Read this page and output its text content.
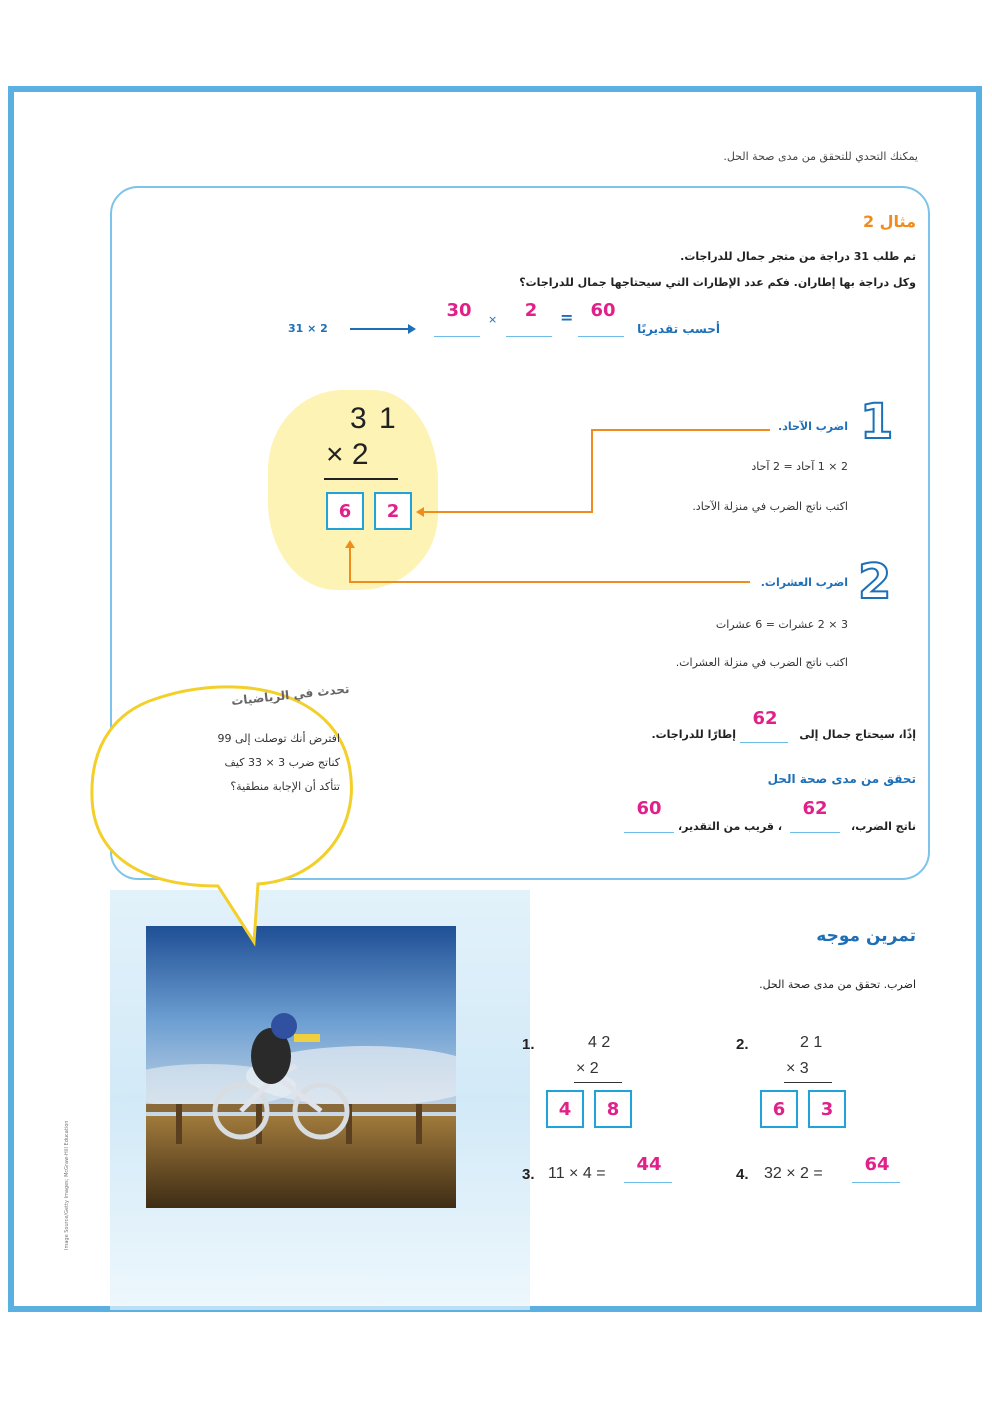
يمكنك التحدي للتحقق من مدى صحة الحل.
مثال 2
تم طلب 31 دراجة من متجر جمال للدراجات.
وكل دراجة بها إطاران. فكم عدد الإطارات التي سيحتاجها جمال للدراجات؟
أحسب تقديريًا
60
=
2
×
30
31 × 2
3 1
× 2
6	2
1
اضرب الآحاد.
2 × 1 آحاد = 2 آحاد
اكتب ناتج الضرب في منزلة الآحاد.
2
اضرب العشرات.
3 × 2 عشرات = 6 عشرات
اكتب ناتج الضرب في منزلة العشرات.
إذًا، سيحتاج جمال إلى
62
إطارًا للدراجات.
تحقق من مدى صحة الحل
ناتج الضرب،
62
، قريب من التقدير،
60
تحدث في الرياضيات
افترض أنك توصلت إلى 99
كناتج ضرب 3 × 33 كيف
تتأكد أن الإجابة منطقية؟
Image Source/Getty Images; McGraw-Hill Education
تمرين موجه
اضرب. تحقق من مدى صحة الحل.
1.	4 2
× 2
4	8
2.	2 1
× 3
6	3
3. 11 × 4 =	44	4. 32 × 2 =	64
